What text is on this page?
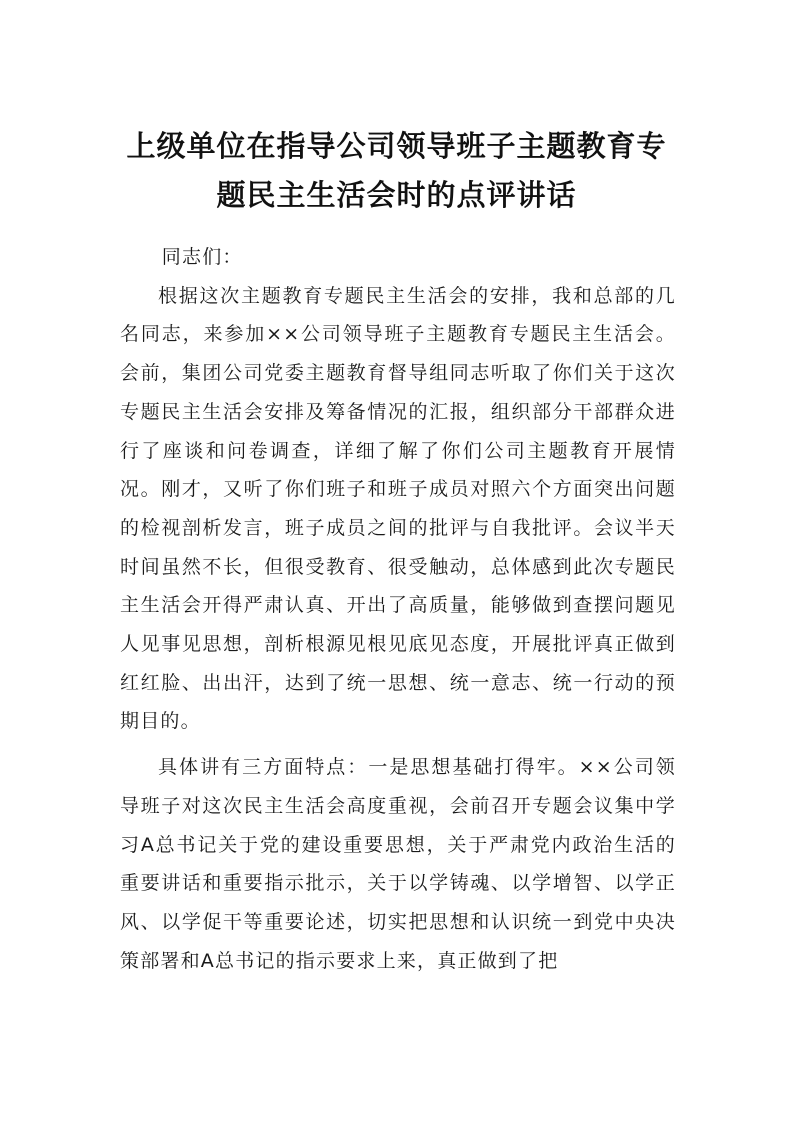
上级单位在指导公司领导班子主题教育专
题民主生活会时的点评讲话

同志们：

根据这次主题教育专题民主生活会的安排，我和总部的几名同志，来参加××公司领导班子主题教育专题民主生活会。会前，集团公司党委主题教育督导组同志听取了你们关于这次专题民主生活会安排及筹备情况的汇报，组织部分干部群众进行了座谈和问卷调查，详细了解了你们公司主题教育开展情况。刚才，又听了你们班子和班子成员对照六个方面突出问题的检视剖析发言，班子成员之间的批评与自我批评。会议半天时间虽然不长，但很受教育、很受触动，总体感到此次专题民主生活会开得严肃认真、开出了高质量，能够做到查摆问题见人见事见思想，剖析根源见根见底见态度，开展批评真正做到红红脸、出出汗，达到了统一思想、统一意志、统一行动的预期目的。

具体讲有三方面特点：一是思想基础打得牢。××公司领导班子对这次民主生活会高度重视，会前召开专题会议集中学习A总书记关于党的建设重要思想，关于严肃党内政治生活的重要讲话和重要指示批示，关于以学铸魂、以学增智、以学正风、以学促干等重要论述，切实把思想和认识统一到党中央决策部署和A总书记的指示要求上来，真正做到了把
